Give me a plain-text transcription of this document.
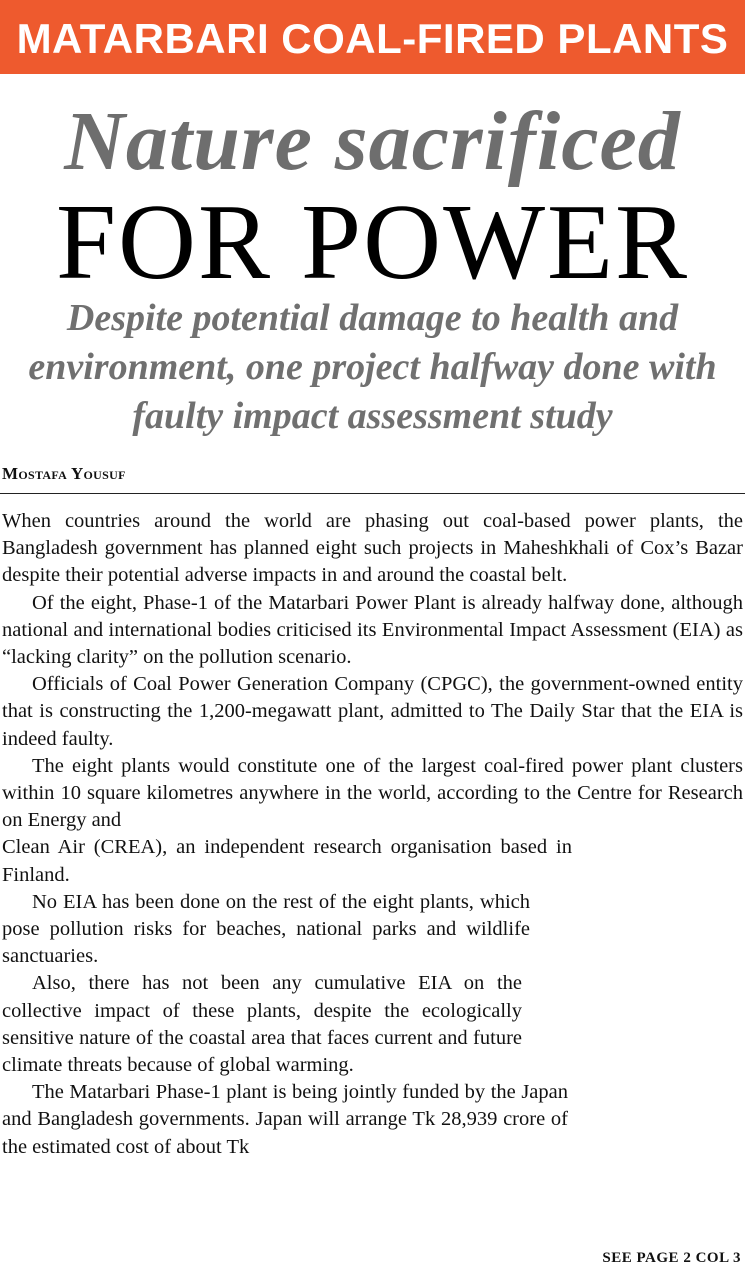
MATARBARI COAL-FIRED PLANTS
Nature sacrificed
FOR POWER
Despite potential damage to health and environment, one project halfway done with faulty impact assessment study
Mostafa Yousuf

When countries around the world are phasing out coal-based power plants, the Bangladesh government has planned eight such projects in Maheshkhali of Cox’s Bazar despite their potential adverse impacts in and around the coastal belt.

Of the eight, Phase-1 of the Matarbari Power Plant is already halfway done, although national and international bodies criticised its Environmental Impact Assessment (EIA) as “lacking clarity” on the pollution scenario.

Officials of Coal Power Generation Company (CPGC), the government-owned entity that is constructing the 1,200-megawatt plant, admitted to The Daily Star that the EIA is indeed faulty.

The eight plants would constitute one of the largest coal-fired power plant clusters within 10 square kilometres anywhere in the world, according to the Centre for Research on Energy and

Clean Air (CREA), an independent research organisation based in Finland.

No EIA has been done on the rest of the eight plants, which pose pollution risks for beaches, national parks and wildlife sanctuaries.

Also, there has not been any cumulative EIA on the collective impact of these plants, despite the ecologically sensitive nature of the coastal area that faces current and future climate threats because of global warming.

The Matarbari Phase-1 plant is being jointly funded by the Japan and Bangladesh governments. Japan will arrange Tk 28,939 crore of the estimated cost of about Tk

SEE PAGE 2 COL 3
